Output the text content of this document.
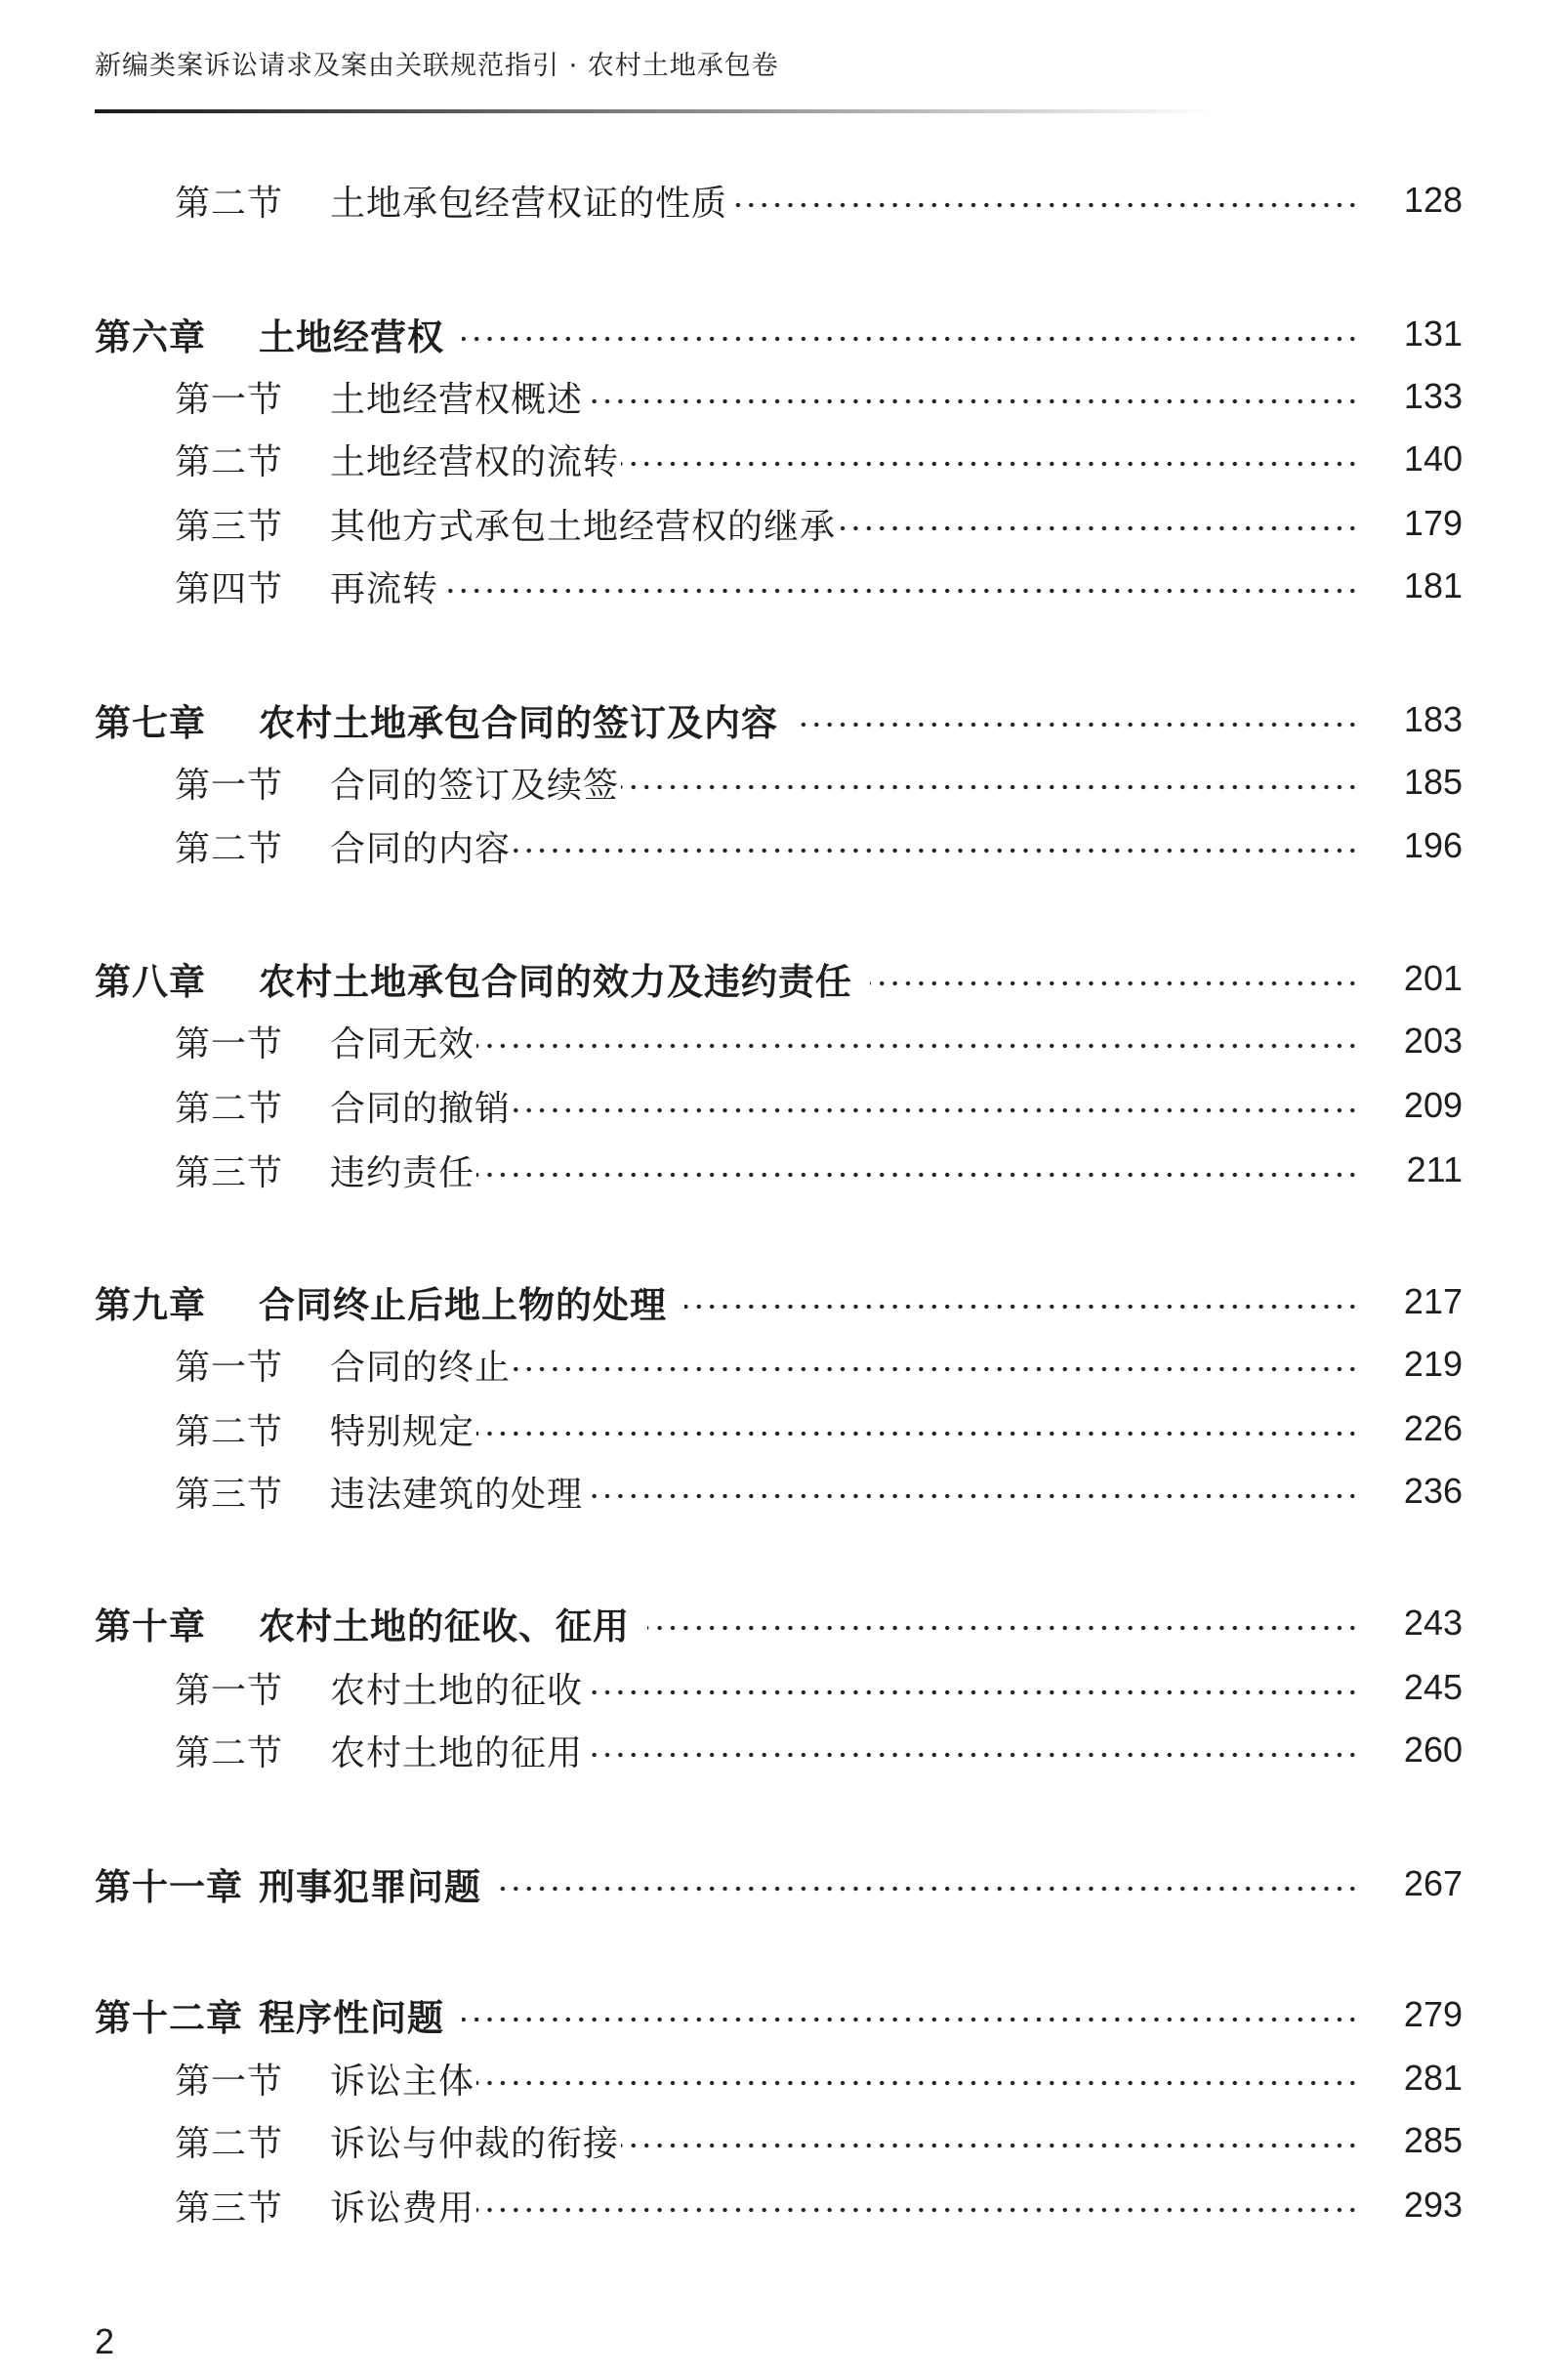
新编类案诉讼请求及案由关联规范指引 · 农村土地承包卷
第二节	土地承包经营权证的性质	128
第六章	土地经营权	131
第一节	土地经营权概述	133
第二节	土地经营权的流转	140
第三节	其他方式承包土地经营权的继承	179
第四节	再流转	181
第七章	农村土地承包合同的签订及内容	183
第一节	合同的签订及续签	185
第二节	合同的内容	196
第八章	农村土地承包合同的效力及违约责任	201
第一节	合同无效	203
第二节	合同的撤销	209
第三节	违约责任	211
第九章	合同终止后地上物的处理	217
第一节	合同的终止	219
第二节	特别规定	226
第三节	违法建筑的处理	236
第十章	农村土地的征收、征用	243
第一节	农村土地的征收	245
第二节	农村土地的征用	260
第十一章 刑事犯罪问题	267
第十二章 程序性问题	279
第一节	诉讼主体	281
第二节	诉讼与仲裁的衔接	285
第三节	诉讼费用	293
2
